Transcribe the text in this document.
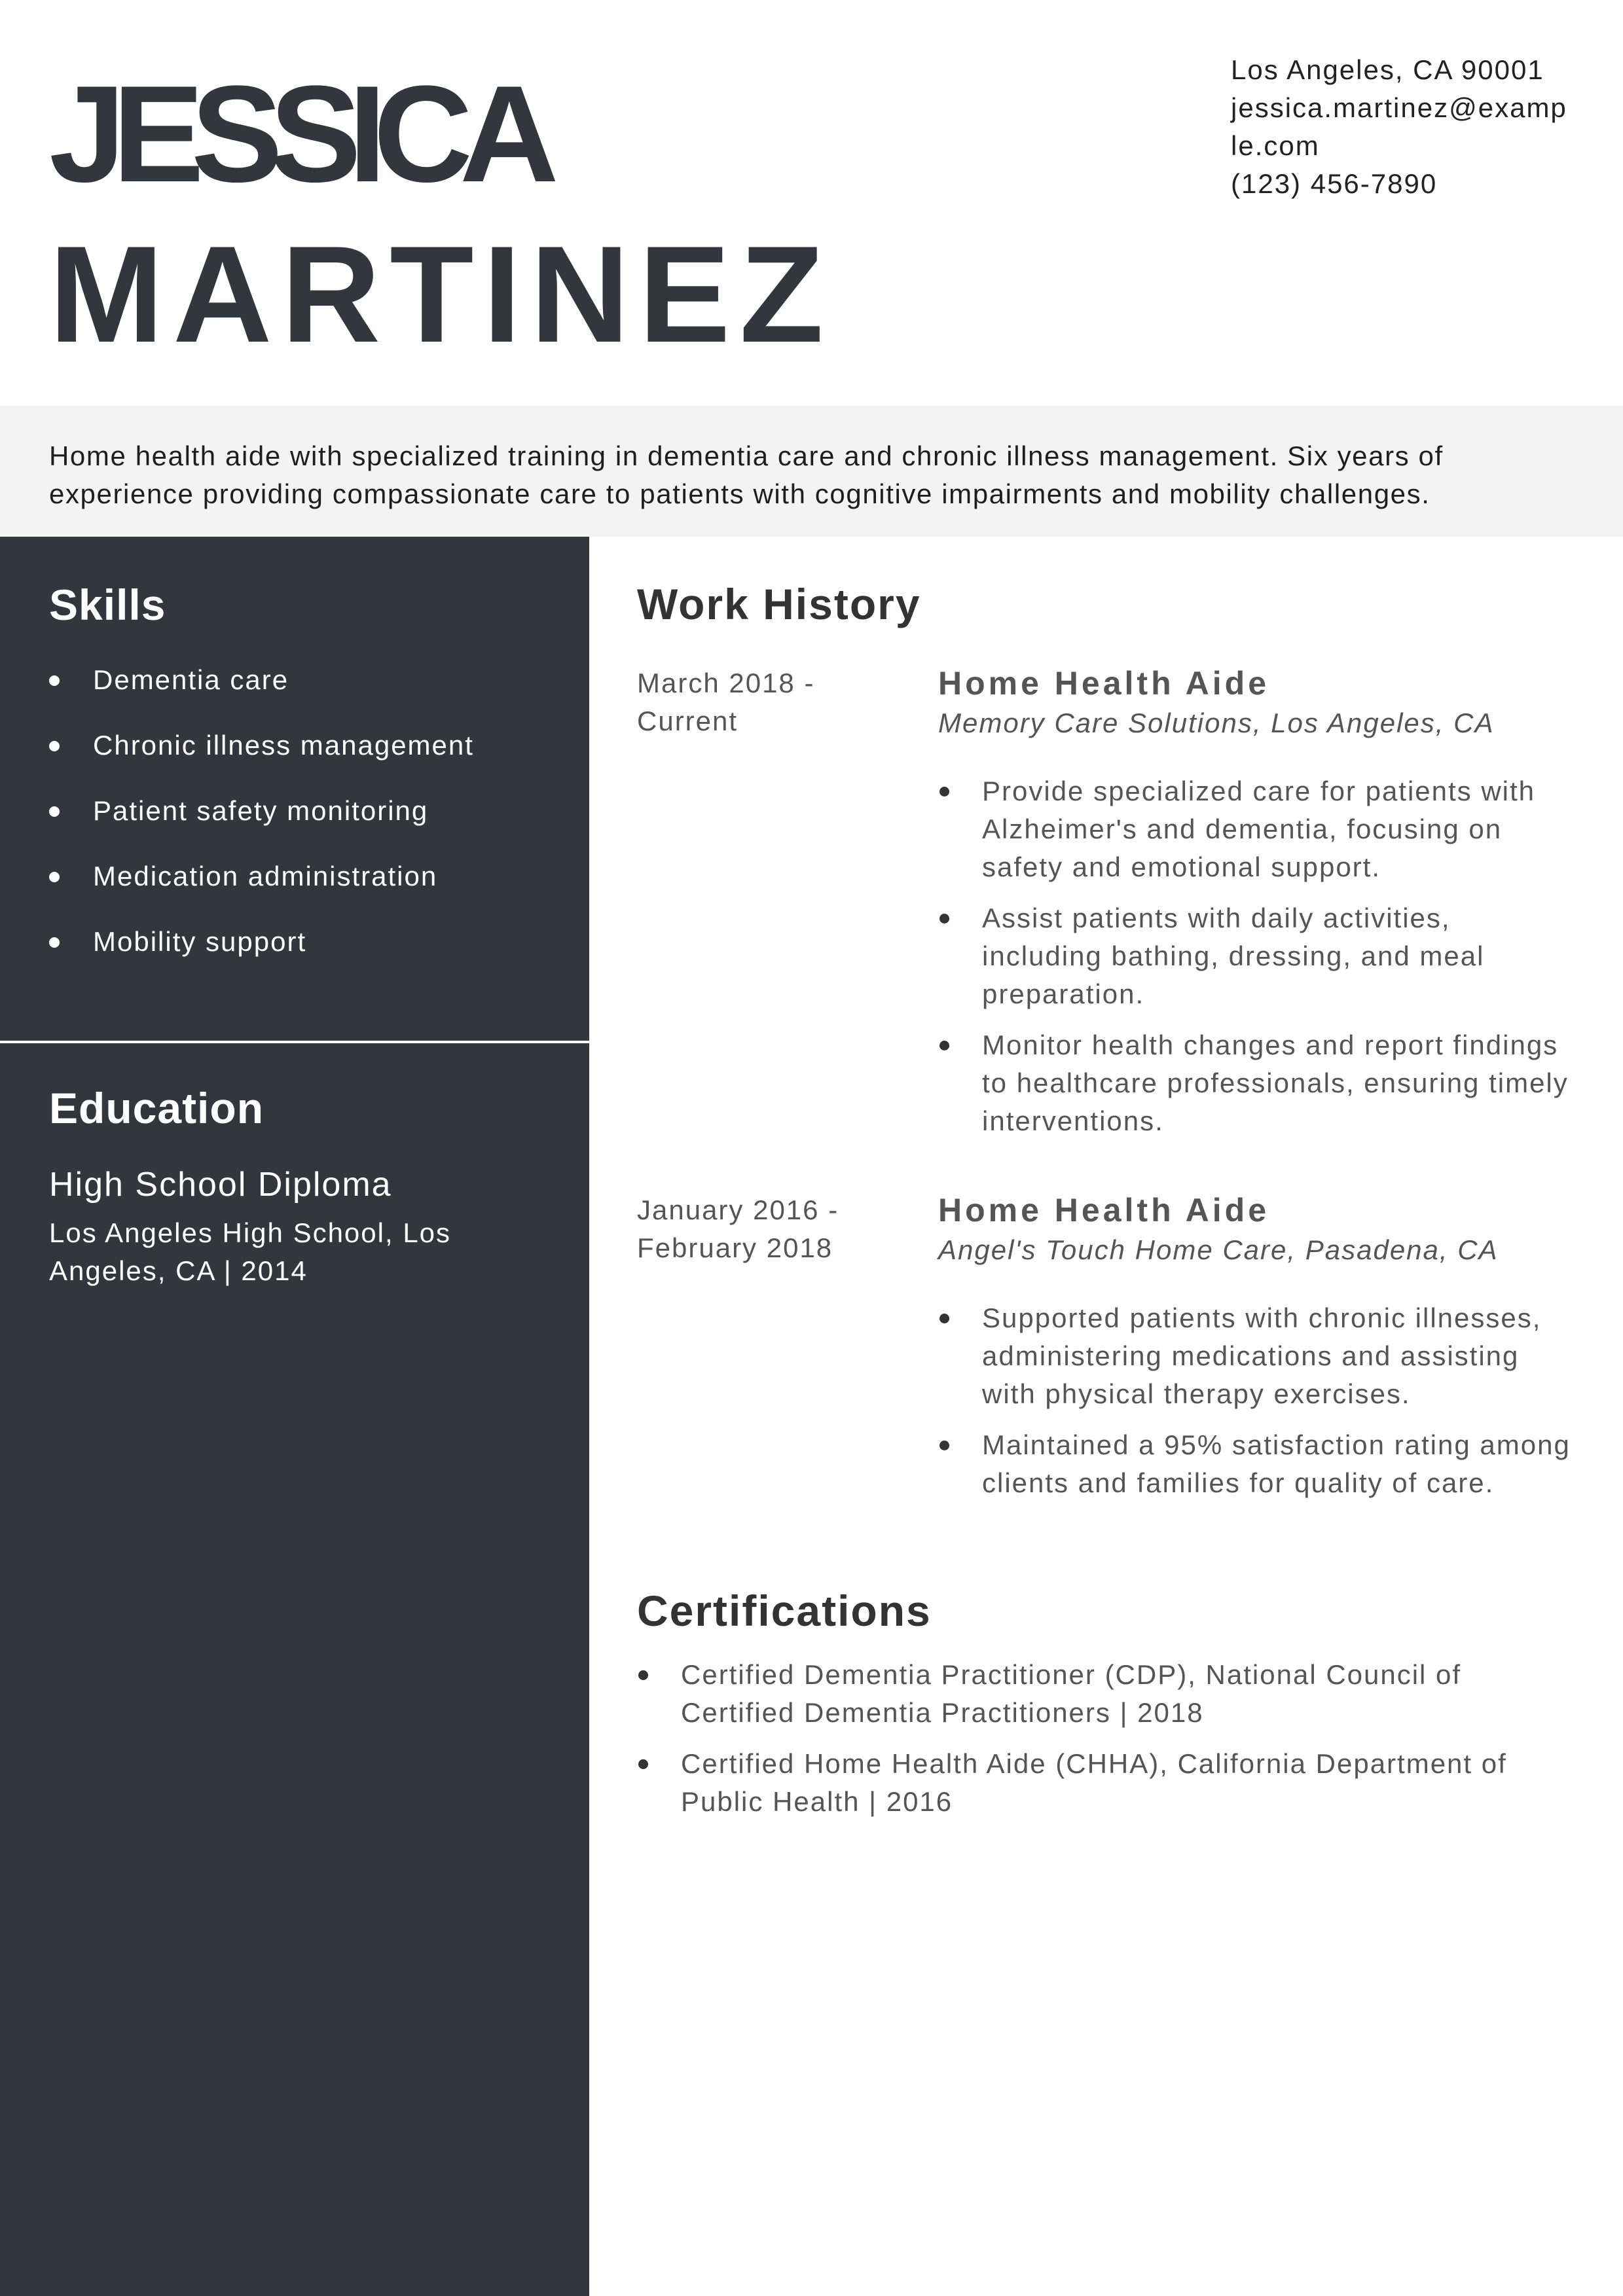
JESSICA
MARTINEZ
Los Angeles, CA 90001
jessica.martinez@example.com
(123) 456-7890
Home health aide with specialized training in dementia care and chronic illness management. Six years of experience providing compassionate care to patients with cognitive impairments and mobility challenges.
Skills
Dementia care
Chronic illness management
Patient safety monitoring
Medication administration
Mobility support
Education
High School Diploma
Los Angeles High School, Los Angeles, CA | 2014
Work History
March 2018 - Current
Home Health Aide
Memory Care Solutions, Los Angeles, CA
Provide specialized care for patients with Alzheimer's and dementia, focusing on safety and emotional support.
Assist patients with daily activities, including bathing, dressing, and meal preparation.
Monitor health changes and report findings to healthcare professionals, ensuring timely interventions.
January 2016 - February 2018
Home Health Aide
Angel's Touch Home Care, Pasadena, CA
Supported patients with chronic illnesses, administering medications and assisting with physical therapy exercises.
Maintained a 95% satisfaction rating among clients and families for quality of care.
Certifications
Certified Dementia Practitioner (CDP), National Council of Certified Dementia Practitioners | 2018
Certified Home Health Aide (CHHA), California Department of Public Health | 2016
